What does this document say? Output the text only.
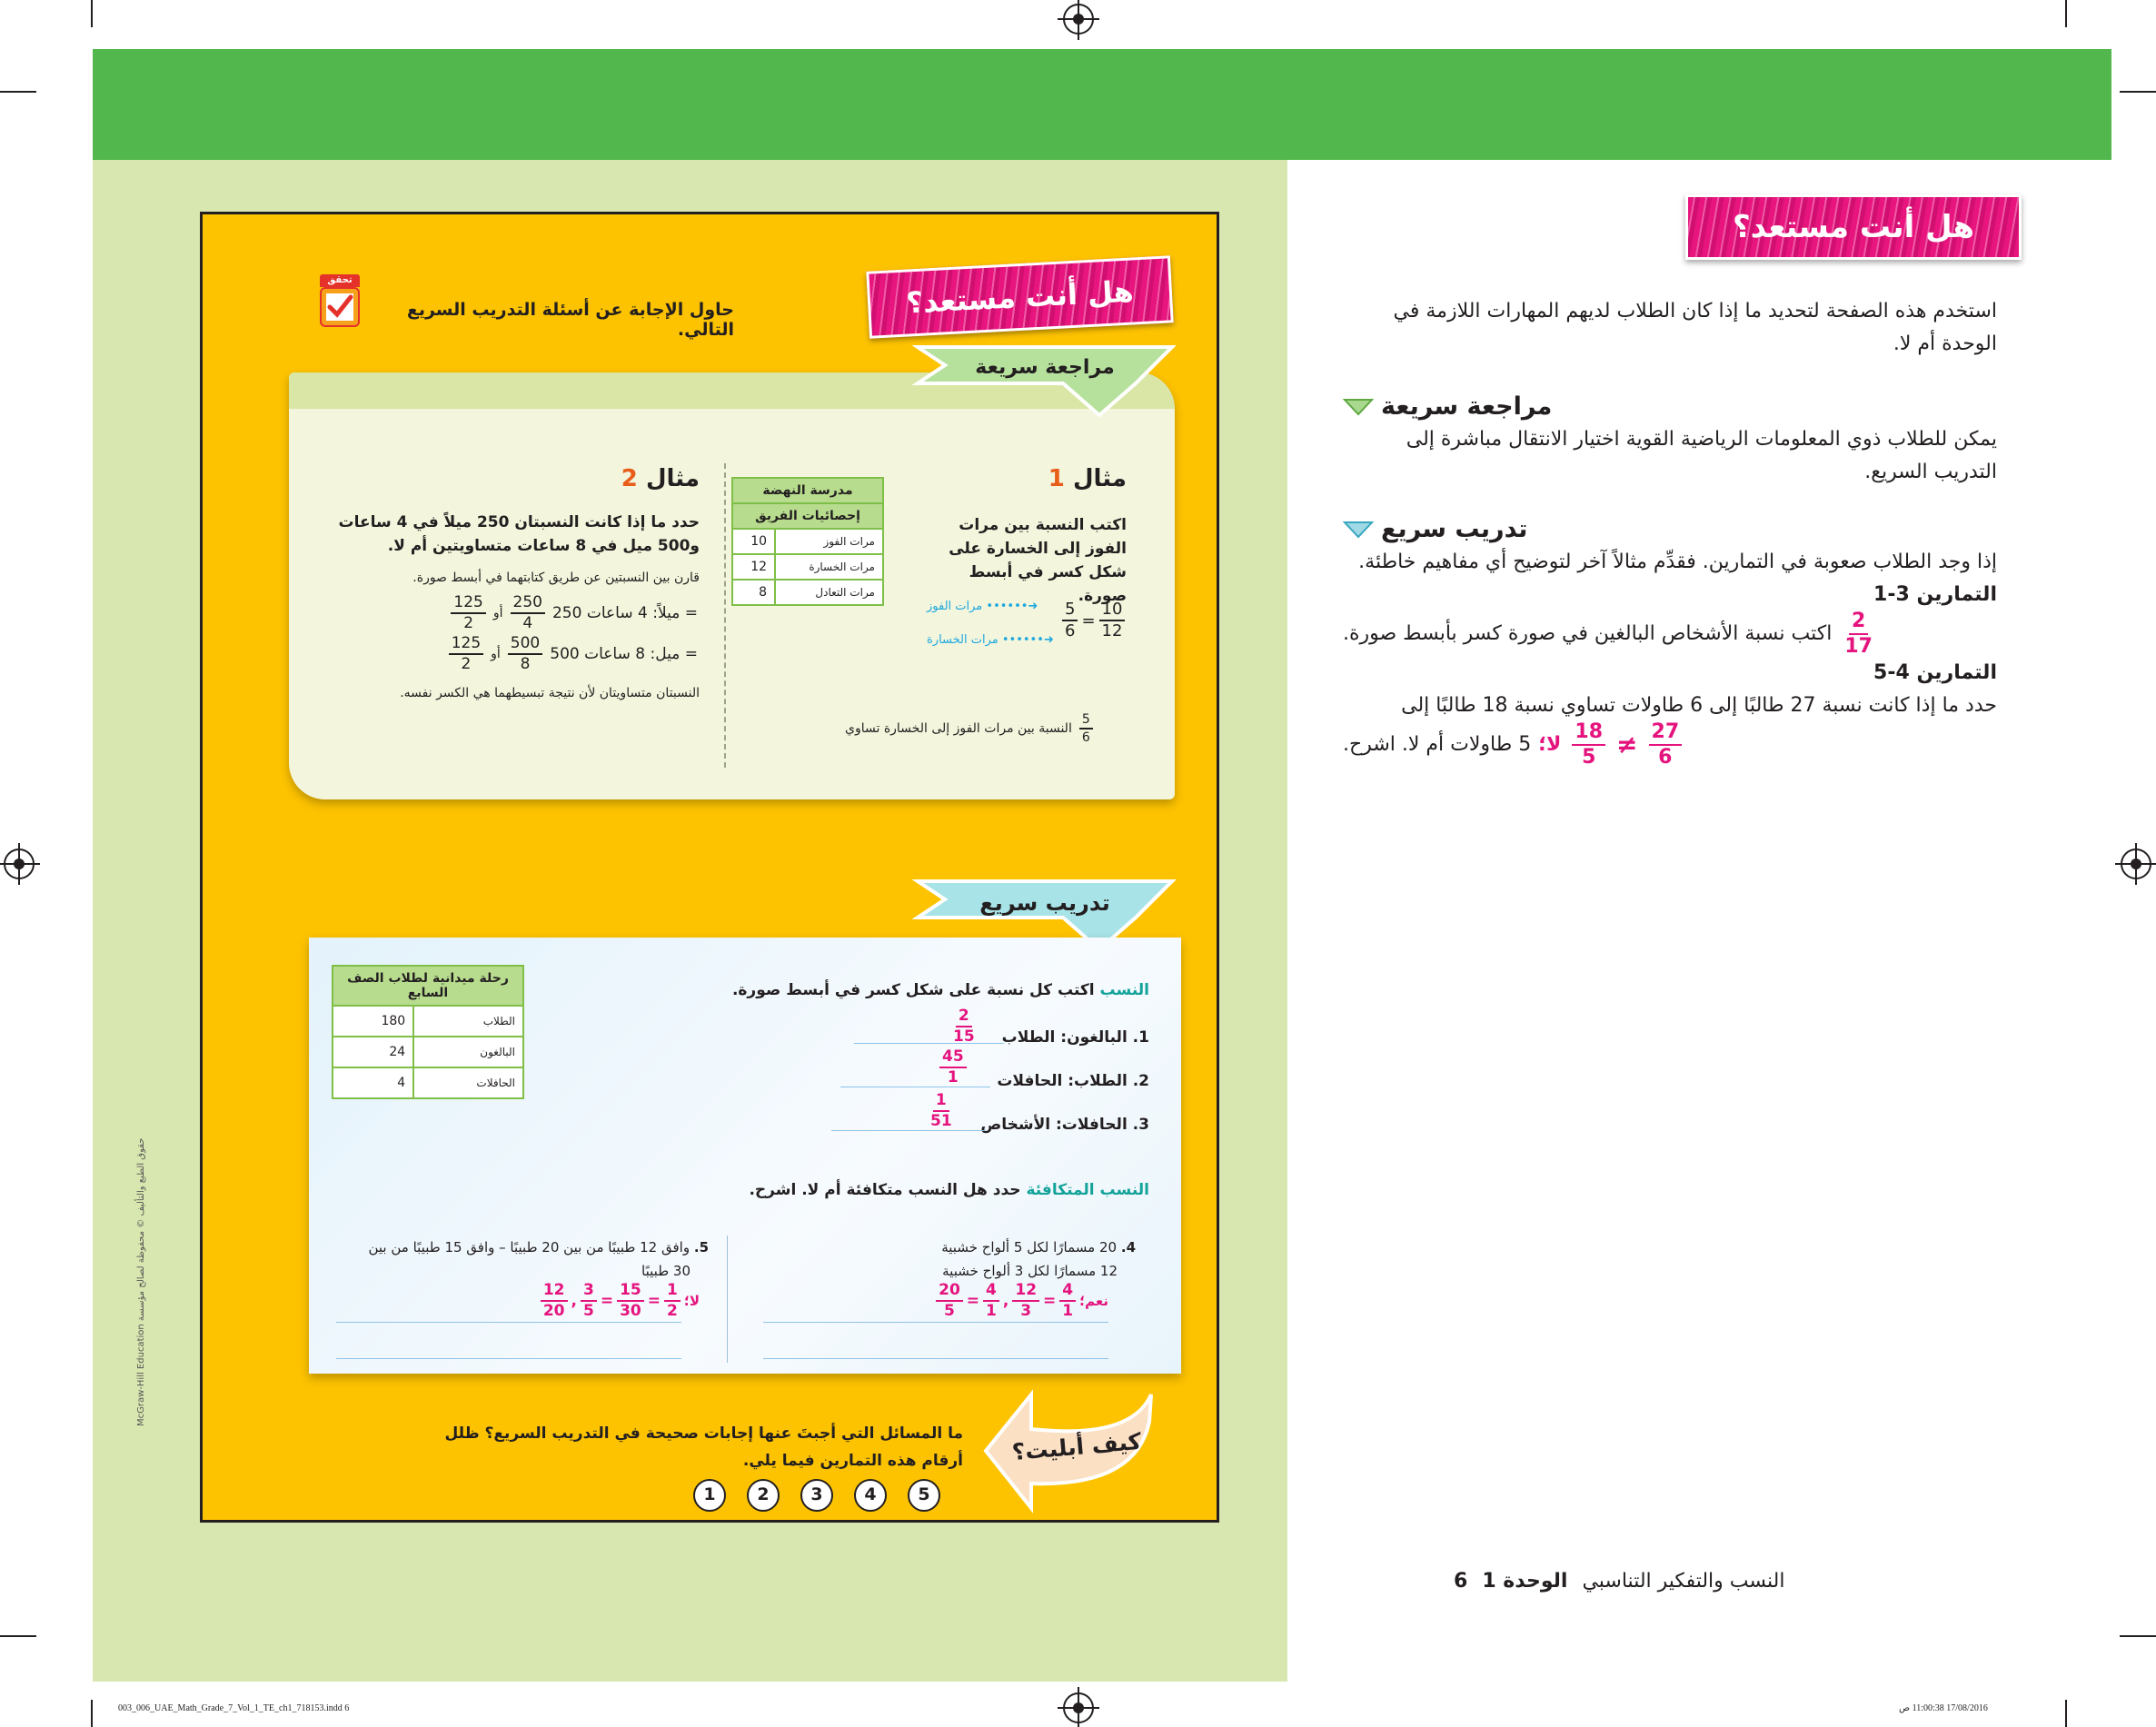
تحقق
حاول الإجابة عن أسئلة التدريب السريع التالي.
هل أنت مستعد؟
مراجعة سريعة
مثال 1
اكتب النسبة بين مرات الفوز إلى الخسارة على شكل كسر في أبسط صورة.
$\frac{5}{6} = \frac{10}{12}$
مرات الفوز ••••••➜
مرات الخسارة ••••••➜
النسبة بين مرات الفوز إلى الخسارة تساوي $\frac{5}{6}$
مدرسة النهضة	
إحصائيات الفريق	
مرات الفوز	10
مرات الخسارة	12
مرات التعادل	8
مثال 2
حدد ما إذا كانت النسبتان 250 ميلاً في 4 ساعات و500 ميل في 8 ساعات متساويتين أم لا.
قارن بين النسبتين عن طريق كتابتهما في أبسط صورة.
250 ميلاً: 4 ساعات =
$\frac{250}{4}$
أو
$\frac{125}{2}$
500 ميل: 8 ساعات =
$\frac{500}{8}$
أو
$\frac{125}{2}$
النسبتان متساويتان لأن نتيجة تبسيطهما هي الكسر نفسه.
تدريب سريع
النسب اكتب كل نسبة على شكل كسر في أبسط صورة.
1. البالغون: الطلاب
$\frac{2}{15}$
2. الطلاب: الحافلات
$\frac{45}{1}$
3. الحافلات: الأشخاص
$\frac{1}{51}$
رحلة ميدانية لطلاب الصف السابع	
الطلاب	180
البالغون	24
الحافلات	4
النسب المتكافئة حدد هل النسب متكافئة أم لا. اشرح.
4. 20 مسمارًا لكل 5 ألواح خشبية
12 مسمارًا لكل 3 ألواح خشبية
نعم؛
$\frac{4}{1}$
=
$\frac{12}{3}$
,
$\frac{4}{1}$
=
$\frac{20}{5}$
5. وافق 12 طبيبًا من بين 20 طبيبًا – وافق 15 طبيبًا من بين
30 طبيبًا
لا؛
$\frac{1}{2}$
=
$\frac{15}{30}$
=
$\frac{3}{5}$
,
$\frac{12}{20}$
كيف أبليت؟
ما المسائل التي أجبتَ عنها إجابات صحيحة في التدريب السريع؟ ظلل أرقام هذه التمارين فيما يلي.
1	2	3	4	5
McGraw-Hill Education حقوق الطبع والتأليف © محفوظة لصالح مؤسسة
هل أنت مستعد؟
استخدم هذه الصفحة لتحديد ما إذا كان الطلاب لديهم المهارات اللازمة في الوحدة أم لا.
مراجعة سريعة
يمكن للطلاب ذوي المعلومات الرياضية القوية اختيار الانتقال مباشرة إلى التدريب السريع.
تدريب سريع
إذا وجد الطلاب صعوبة في التمارين. فقدِّم مثالاً آخر لتوضيح أي مفاهيم خاطئة.
التمارين 3-1
اكتب نسبة الأشخاص البالغين في صورة كسر بأبسط صورة. $\frac{2}{17}$
التمارين 4-5
حدد ما إذا كانت نسبة 27 طالبًا إلى 6 طاولات تساوي نسبة 18 طالبًا إلى
5 طاولات أم لا. اشرح. لا؛ $\frac{18}{5} \ne \frac{27}{6}$
6 الوحدة 1 النسب والتفكير التناسبي
003_006_UAE_Math_Grade_7_Vol_1_TE_ch1_718153.indd 6	17/08/2016 11:00:38 ص
